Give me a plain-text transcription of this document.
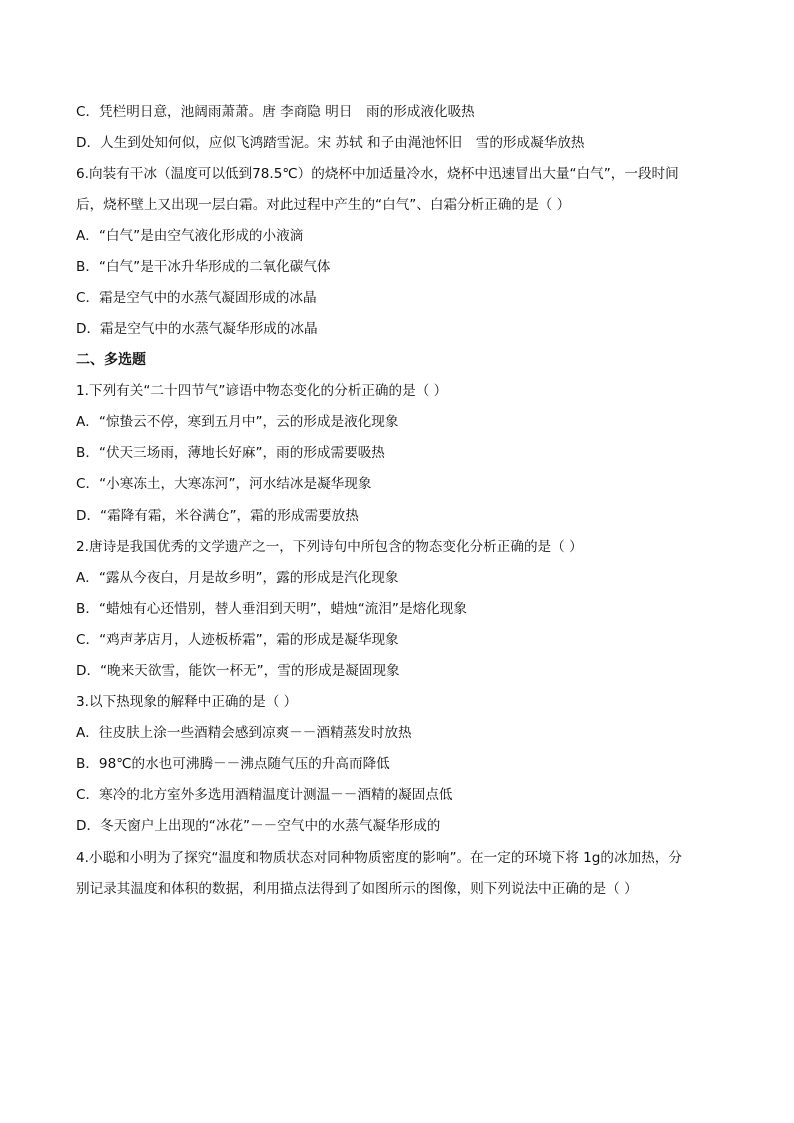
C．凭栏明日意，池阔雨萧萧。唐 李商隐 明日　雨的形成液化吸热
D．人生到处知何似，应似飞鸿踏雪泥。宋 苏轼 和子由渑池怀旧　雪的形成凝华放热
6.向装有干冰（温度可以低到78.5℃）的烧杯中加适量冷水，烧杯中迅速冒出大量“白气”，一段时间
后，烧杯壁上又出现一层白霜。对此过程中产生的“白气”、白霜分析正确的是（ ）
A．“白气”是由空气液化形成的小液滴
B．“白气”是干冰升华形成的二氧化碳气体
C．霜是空气中的水蒸气凝固形成的冰晶
D．霜是空气中的水蒸气凝华形成的冰晶
二、多选题
1.下列有关“二十四节气”谚语中物态变化的分析正确的是（ ）
A．“惊蛰云不停，寒到五月中”，云的形成是液化现象
B．“伏天三场雨，薄地长好麻”，雨的形成需要吸热
C．“小寒冻土，大寒冻河”，河水结冰是凝华现象
D．“霜降有霜，米谷满仓”，霜的形成需要放热
2.唐诗是我国优秀的文学遗产之一，下列诗句中所包含的物态变化分析正确的是（ ）
A．“露从今夜白，月是故乡明”，露的形成是汽化现象
B．“蜡烛有心还惜别，替人垂泪到天明”，蜡烛“流泪”是熔化现象
C．“鸡声茅店月，人迹板桥霜”，霜的形成是凝华现象
D．“晚来天欲雪，能饮一杯无”，雪的形成是凝固现象
3.以下热现象的解释中正确的是（ ）
A．往皮肤上涂一些酒精会感到凉爽－－酒精蒸发时放热
B．98℃的水也可沸腾－－沸点随气压的升高而降低
C．寒冷的北方室外多选用酒精温度计测温－－酒精的凝固点低
D．冬天窗户上出现的“冰花”－－空气中的水蒸气凝华形成的
4.小聪和小明为了探究“温度和物质状态对同种物质密度的影响”。在一定的环境下将 1g的冰加热，分
别记录其温度和体积的数据，利用描点法得到了如图所示的图像，则下列说法中正确的是（ ）
